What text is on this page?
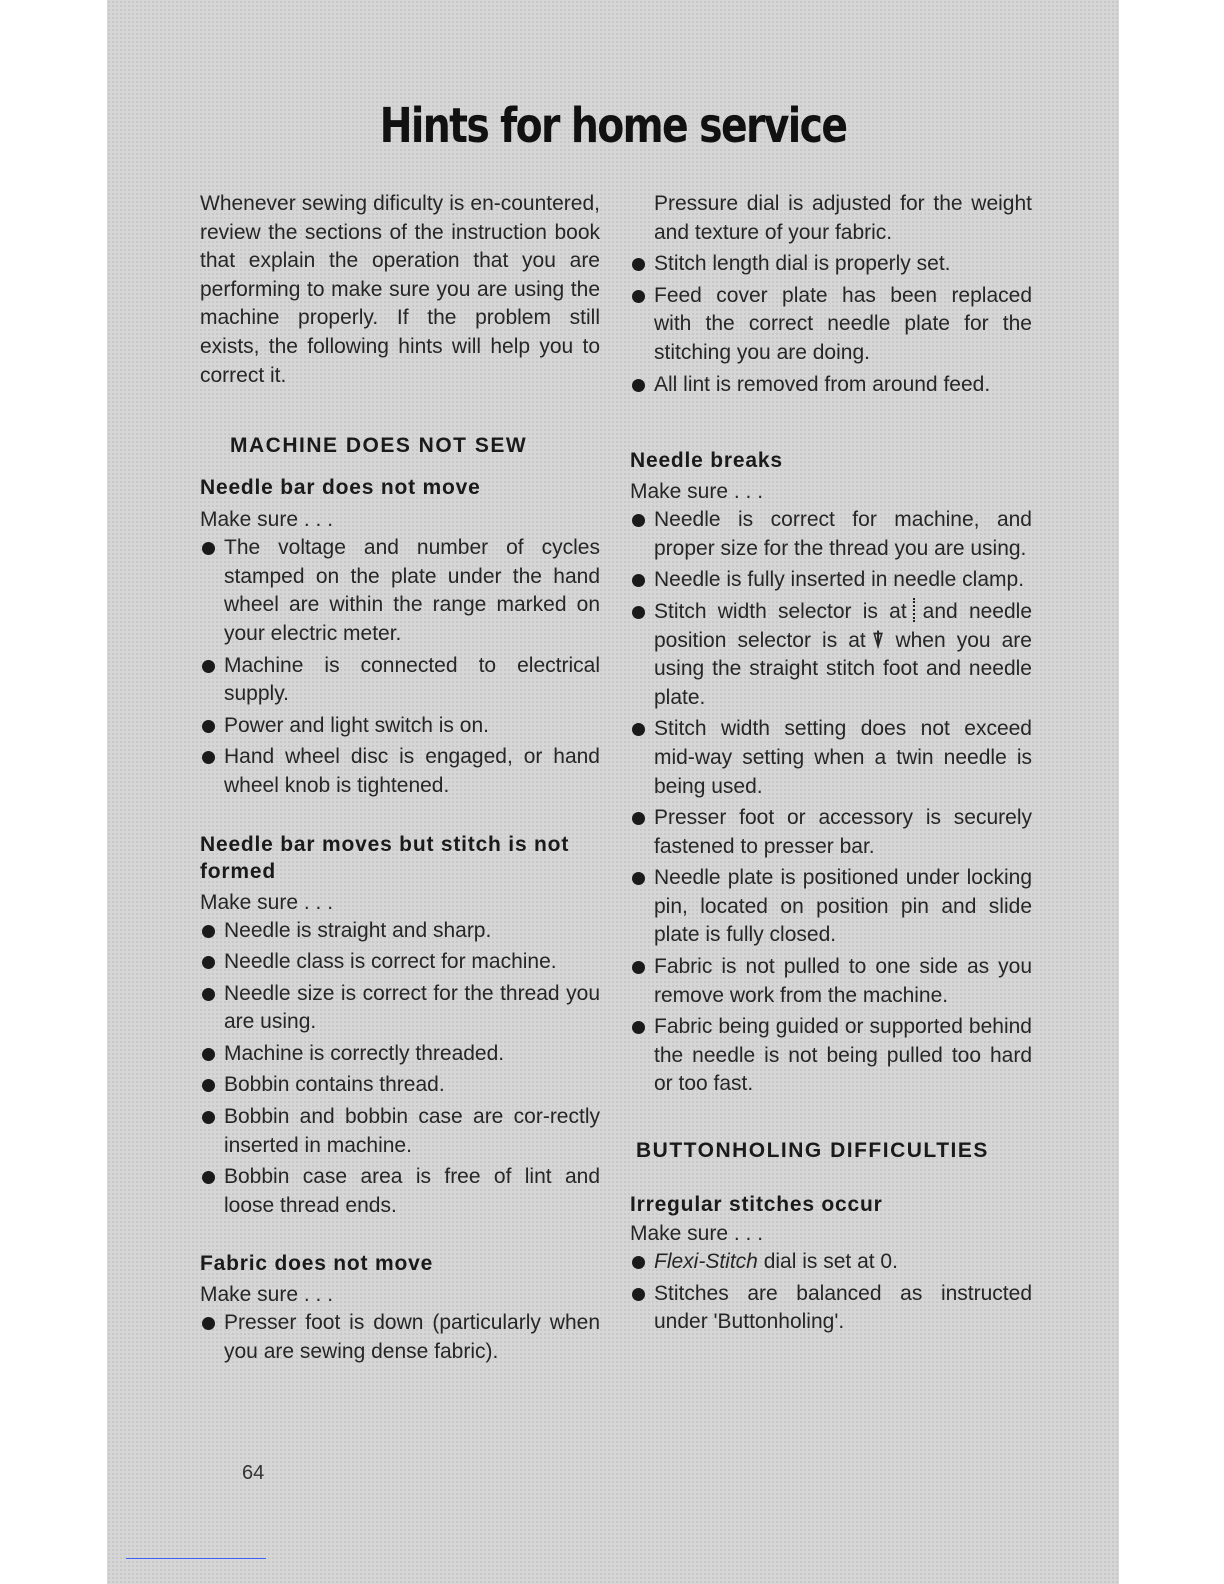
Hints for home service

Whenever sewing dificulty is en-countered, review the sections of the instruction book that explain the operation that you are performing to make sure you are using the machine properly. If the problem still exists, the following hints will help you to correct it.

MACHINE DOES NOT SEW

Needle bar does not move

Make sure . . .

The voltage and number of cycles stamped on the plate under the hand wheel are within the range marked on your electric meter.
Machine is connected to electrical supply.
Power and light switch is on.
Hand wheel disc is engaged, or hand wheel knob is tightened.

Needle bar moves but stitch is not formed

Make sure . . .

Needle is straight and sharp.
Needle class is correct for machine.
Needle size is correct for the thread you are using.
Machine is correctly threaded.
Bobbin contains thread.
Bobbin and bobbin case are cor-rectly inserted in machine.
Bobbin case area is free of lint and loose thread ends.

Fabric does not move

Make sure . . .

Presser foot is down (particularly when you are sewing dense fabric).
Pressure dial is adjusted for the weight and texture of your fabric.
Stitch length dial is properly set.
Feed cover plate has been replaced with the correct needle plate for the stitching you are doing.
All lint is removed from around feed.

Needle breaks

Make sure . . .

Needle is correct for machine, and proper size for the thread you are using.
Needle is fully inserted in needle clamp.
Stitch width selector is at and needle position selector is at ⍒ when you are using the straight stitch foot and needle plate.
Stitch width setting does not exceed mid-way setting when a twin needle is being used.
Presser foot or accessory is securely fastened to presser bar.
Needle plate is positioned under locking pin, located on position pin and slide plate is fully closed.
Fabric is not pulled to one side as you remove work from the machine.
Fabric being guided or supported behind the needle is not being pulled too hard or too fast.

BUTTONHOLING DIFFICULTIES

Irregular stitches occur

Make sure . . .

Flexi-Stitch dial is set at 0.
Stitches are balanced as instructed under 'Buttonholing'.
64
